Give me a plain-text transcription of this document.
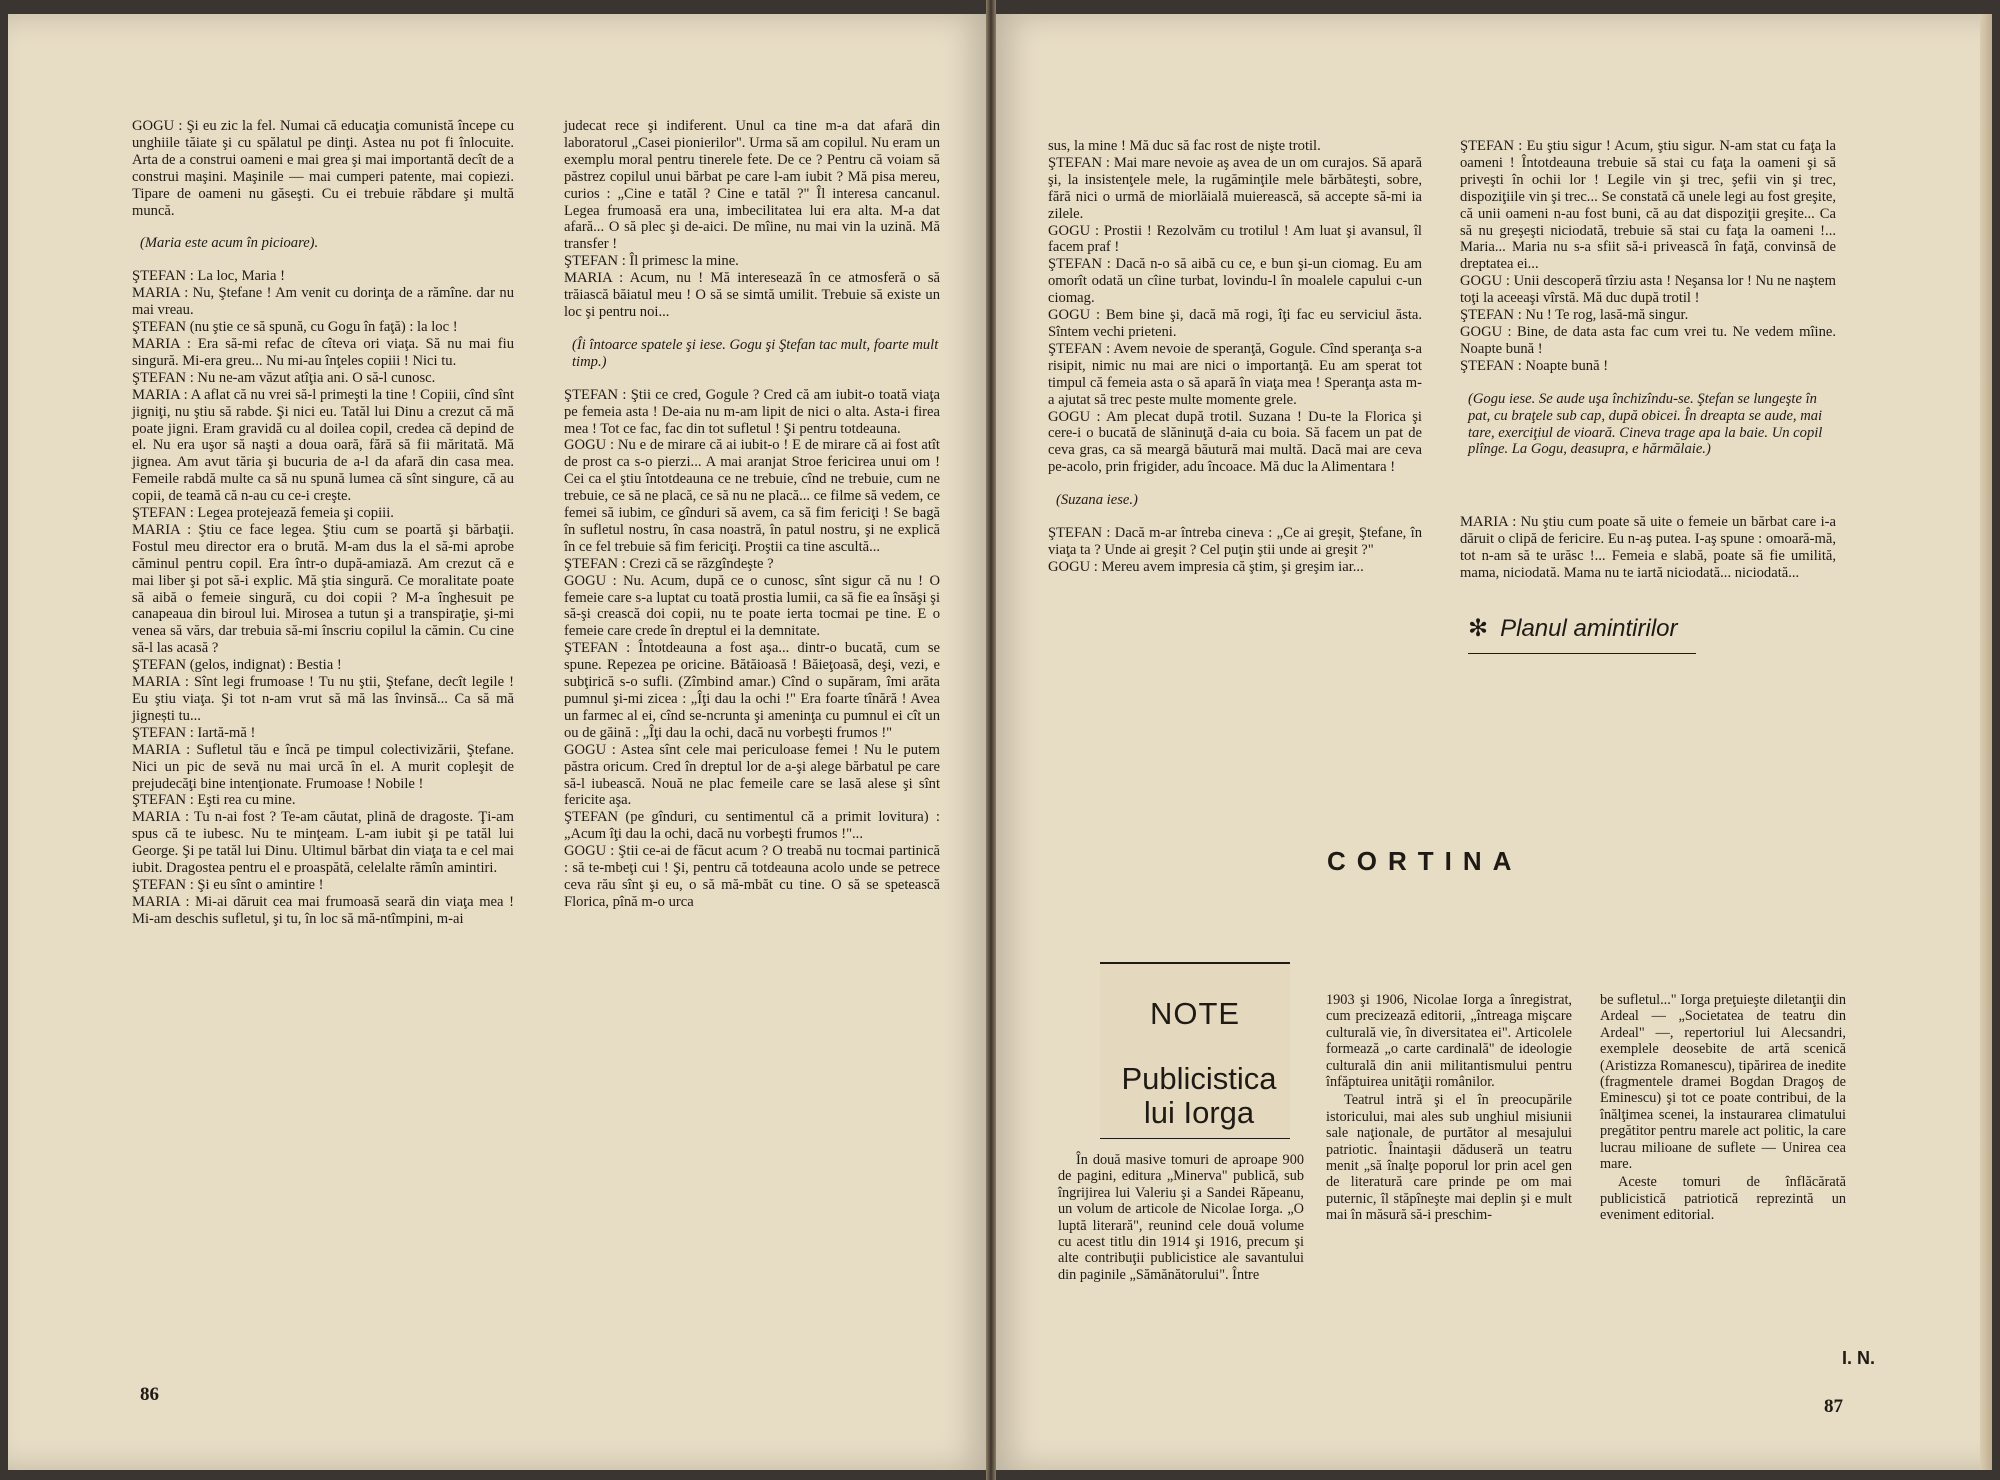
GOGU : Şi eu zic la fel. Numai că educaţia comunistă începe cu unghiile tăiate şi cu spălatul pe dinţi. Astea nu pot fi înlocuite. Arta de a construi oameni e mai grea şi mai importantă decît de a construi maşini. Maşinile — mai cumperi patente, mai copiezi. Tipare de oameni nu găseşti. Cu ei trebuie răbdare şi multă muncă.

(Maria este acum în picioare).

ŞTEFAN : La loc, Maria !

MARIA : Nu, Ştefane ! Am venit cu dorinţa de a rămîne. dar nu mai vreau.

ŞTEFAN (nu ştie ce să spună, cu Gogu în faţă) : la loc !

MARIA : Era să-mi refac de cîteva ori viaţa. Să nu mai fiu singură. Mi-era greu... Nu mi-au înţeles copiii ! Nici tu.

ŞTEFAN : Nu ne-am văzut atîţia ani. O să-l cunosc.

MARIA : A aflat că nu vrei să-l primeşti la tine ! Copiii, cînd sînt jigniţi, nu ştiu să rabde. Şi nici eu. Tatăl lui Dinu a crezut că mă poate jigni. Eram gravidă cu al doilea copil, credea că depind de el. Nu era uşor să naşti a doua oară, fără să fii măritată. Mă jignea. Am avut tăria şi bucuria de a-l da afară din casa mea. Femeile rabdă multe ca să nu spună lumea că sînt singure, că au copii, de teamă că n-au cu ce-i creşte.

ŞTEFAN : Legea protejează femeia şi copiii.

MARIA : Ştiu ce face legea. Ştiu cum se poartă şi bărbaţii. Fostul meu director era o brută. M-am dus la el să-mi aprobe căminul pentru copil. Era într-o după-amiază. Am crezut că e mai liber şi pot să-i explic. Mă ştia singură. Ce moralitate poate să aibă o femeie singură, cu doi copii ? M-a înghesuit pe canapeaua din biroul lui. Mirosea a tutun şi a transpiraţie, şi-mi venea să vărs, dar trebuia să-mi înscriu copilul la cămin. Cu cine să-l las acasă ?

ŞTEFAN (gelos, indignat) : Bestia !

MARIA : Sînt legi frumoase ! Tu nu ştii, Ştefane, decît legile ! Eu ştiu viaţa. Şi tot n-am vrut să mă las învinsă... Ca să mă jignești tu...

ŞTEFAN : Iartă-mă !

MARIA : Sufletul tău e încă pe timpul colectivizării, Ştefane. Nici un pic de sevă nu mai urcă în el. A murit copleşit de prejudecăţi bine intenţionate. Frumoase ! Nobile !

ŞTEFAN : Eşti rea cu mine.

MARIA : Tu n-ai fost ? Te-am căutat, plină de dragoste. Ţi-am spus că te iubesc. Nu te minţeam. L-am iubit şi pe tatăl lui George. Şi pe tatăl lui Dinu. Ultimul bărbat din viaţa ta e cel mai iubit. Dragostea pentru el e proaspătă, celelalte rămîn amintiri.

ŞTEFAN : Şi eu sînt o amintire !

MARIA : Mi-ai dăruit cea mai frumoasă seară din viaţa mea ! Mi-am deschis sufletul, şi tu, în loc să mă-ntîmpini, m-ai

judecat rece şi indiferent. Unul ca tine m-a dat afară din laboratorul „Casei pionierilor". Urma să am copilul. Nu eram un exemplu moral pentru tinerele fete. De ce ? Pentru că voiam să păstrez copilul unui bărbat pe care l-am iubit ? Mă pisa mereu, curios : „Cine e tatăl ? Cine e tatăl ?" Îl interesa cancanul. Legea frumoasă era una, imbecilitatea lui era alta. M-a dat afară... O să plec şi de-aici. De mîine, nu mai vin la uzină. Mă transfer !

ŞTEFAN : Îl primesc la mine.

MARIA : Acum, nu ! Mă interesează în ce atmosferă o să trăiască băiatul meu ! O să se simtă umilit. Trebuie să existe un loc şi pentru noi...

(Îi întoarce spatele şi iese. Gogu şi Ştefan tac mult, foarte mult timp.)

ŞTEFAN : Ştii ce cred, Gogule ? Cred că am iubit-o toată viaţa pe femeia asta ! De-aia nu m-am lipit de nici o alta. Asta-i firea mea ! Tot ce fac, fac din tot sufletul ! Şi pentru totdeauna.

GOGU : Nu e de mirare că ai iubit-o ! E de mirare că ai fost atît de prost ca s-o pierzi... A mai aranjat Stroe fericirea unui om ! Cei ca el ştiu întotdeauna ce ne trebuie, cînd ne trebuie, cum ne trebuie, ce să ne placă, ce să nu ne placă... ce filme să vedem, ce femei să iubim, ce gînduri să avem, ca să fim fericiţi ! Se bagă în sufletul nostru, în casa noastră, în patul nostru, şi ne explică în ce fel trebuie să fim fericiţi. Proştii ca tine ascultă...

ŞTEFAN : Crezi că se răzgîndeşte ?

GOGU : Nu. Acum, după ce o cunosc, sînt sigur că nu ! O femeie care s-a luptat cu toată prostia lumii, ca să fie ea însăşi şi să-şi crească doi copii, nu te poate ierta tocmai pe tine. E o femeie care crede în dreptul ei la demnitate.

ŞTEFAN : Întotdeauna a fost aşa... dintr-o bucată, cum se spune. Repezea pe oricine. Bătăioasă ! Băieţoasă, deşi, vezi, e subţirică s-o sufli. (Zîmbind amar.) Cînd o supăram, îmi arăta pumnul şi-mi zicea : „Îţi dau la ochi !" Era foarte tînără ! Avea un farmec al ei, cînd se-ncrunta şi ameninţa cu pumnul ei cît un ou de găină : „Îţi dau la ochi, dacă nu vorbeşti frumos !"

GOGU : Astea sînt cele mai periculoase femei ! Nu le putem păstra oricum. Cred în dreptul lor de a-şi alege bărbatul pe care să-l iubească. Nouă ne plac femeile care se lasă alese şi sînt fericite aşa.

ŞTEFAN (pe gînduri, cu sentimentul că a primit lovitura) : „Acum îţi dau la ochi, dacă nu vorbeşti frumos !"...

GOGU : Ştii ce-ai de făcut acum ? O treabă nu tocmai partinică : să te-mbeţi cui ! Şi, pentru că totdeauna acolo unde se petrece ceva rău sînt şi eu, o să mă-mbăt cu tine. O să se spetească Florica, pînă m-o urca

86

sus, la mine ! Mă duc să fac rost de nişte trotil.

ŞTEFAN : Mai mare nevoie aş avea de un om curajos. Să apară şi, la insistenţele mele, la rugăminţile mele bărbăteşti, sobre, fără nici o urmă de miorlăială muierească, să accepte să-mi ia zilele.

GOGU : Prostii ! Rezolvăm cu trotilul ! Am luat şi avansul, îl facem praf !

ŞTEFAN : Dacă n-o să aibă cu ce, e bun şi-un ciomag. Eu am omorît odată un cîine turbat, lovindu-l în moalele capului c-un ciomag.

GOGU : Bem bine şi, dacă mă rogi, îţi fac eu serviciul ăsta. Sîntem vechi prieteni.

ŞTEFAN : Avem nevoie de speranţă, Gogule. Cînd speranţa s-a risipit, nimic nu mai are nici o importanţă. Eu am sperat tot timpul că femeia asta o să apară în viaţa mea ! Speranţa asta m-a ajutat să trec peste multe momente grele.

GOGU : Am plecat după trotil. Suzana ! Du-te la Florica şi cere-i o bucată de slăninuţă d-aia cu boia. Să facem un pat de ceva gras, ca să meargă băutură mai multă. Dacă mai are ceva pe-acolo, prin frigider, adu încoace. Mă duc la Alimentara !

(Suzana iese.)

ŞTEFAN : Dacă m-ar întreba cineva : „Ce ai greşit, Ştefane, în viaţa ta ? Unde ai greşit ? Cel puţin ştii unde ai greşit ?"

GOGU : Mereu avem impresia că ştim, şi greşim iar...

ŞTEFAN : Eu ştiu sigur ! Acum, ştiu sigur. N-am stat cu faţa la oameni ! Întotdeauna trebuie să stai cu faţa la oameni şi să priveşti în ochii lor ! Legile vin şi trec, şefii vin şi trec, dispoziţiile vin şi trec... Se constată că unele legi au fost greşite, că unii oameni n-au fost buni, că au dat dispoziţii greşite... Ca să nu greşeşti niciodată, trebuie să stai cu faţa la oameni !... Maria... Maria nu s-a sfiit să-i privească în faţă, convinsă de dreptatea ei...

GOGU : Unii descoperă tîrziu asta ! Neşansa lor ! Nu ne naştem toţi la aceeaşi vîrstă. Mă duc după trotil !

ŞTEFAN : Nu ! Te rog, lasă-mă singur.

GOGU : Bine, de data asta fac cum vrei tu. Ne vedem mîine. Noapte bună !

ŞTEFAN : Noapte bună !

(Gogu iese. Se aude uşa închizîndu-se. Ştefan se lungeşte în pat, cu braţele sub cap, după obicei. În dreapta se aude, mai tare, exerciţiul de vioară. Cineva trage apa la baie. Un copil plînge. La Gogu, deasupra, e hărmălaie.)

MARIA : Nu ştiu cum poate să uite o femeie un bărbat care i-a dăruit o clipă de fericire. Eu n-aş putea. I-aş spune : omoară-mă, tot n-am să te urăsc !... Femeia e slabă, poate să fie umilită, mama, niciodată. Mama nu te iartă niciodată... niciodată...

✻ Planul amintirilor
CORTINA
NOTE
Publicistica lui Iorga

În două masive tomuri de aproape 900 de pagini, editura „Minerva" publică, sub îngrijirea lui Valeriu şi a Sandei Răpeanu, un volum de articole de Nicolae Iorga. „O luptă literară", reunind cele două volume cu acest titlu din 1914 şi 1916, precum şi alte contribuţii publicistice ale savantului din paginile „Sămănătorului". Între

1903 şi 1906, Nicolae Iorga a înregistrat, cum precizează editorii, „întreaga mişcare culturală vie, în diversitatea ei". Articolele formează „o carte cardinală" de ideologie culturală din anii militantismului pentru înfăptuirea unităţii românilor.

Teatrul intră şi el în preocupările istoricului, mai ales sub unghiul misiunii sale naţionale, de purtător al mesajului patriotic. Înaintaşii dăduseră un teatru menit „să înalţe poporul lor prin acel gen de literatură care prinde pe om mai puternic, îl stăpîneşte mai deplin şi e mult mai în măsură să-i preschim-

be sufletul..." Iorga preţuieşte diletanţii din Ardeal — „Societatea de teatru din Ardeal" —, repertoriul lui Alecsandri, exemplele deosebite de artă scenică (Aristizza Romanescu), tipărirea de inedite (fragmentele dramei Bogdan Dragoş de Eminescu) şi tot ce poate contribui, de la înălţimea scenei, la instaurarea climatului pregătitor pentru marele act politic, la care lucrau milioane de suflete — Unirea cea mare.

Aceste tomuri de înflăcărată publicistică patriotică reprezintă un eveniment editorial.

I. N.
87
